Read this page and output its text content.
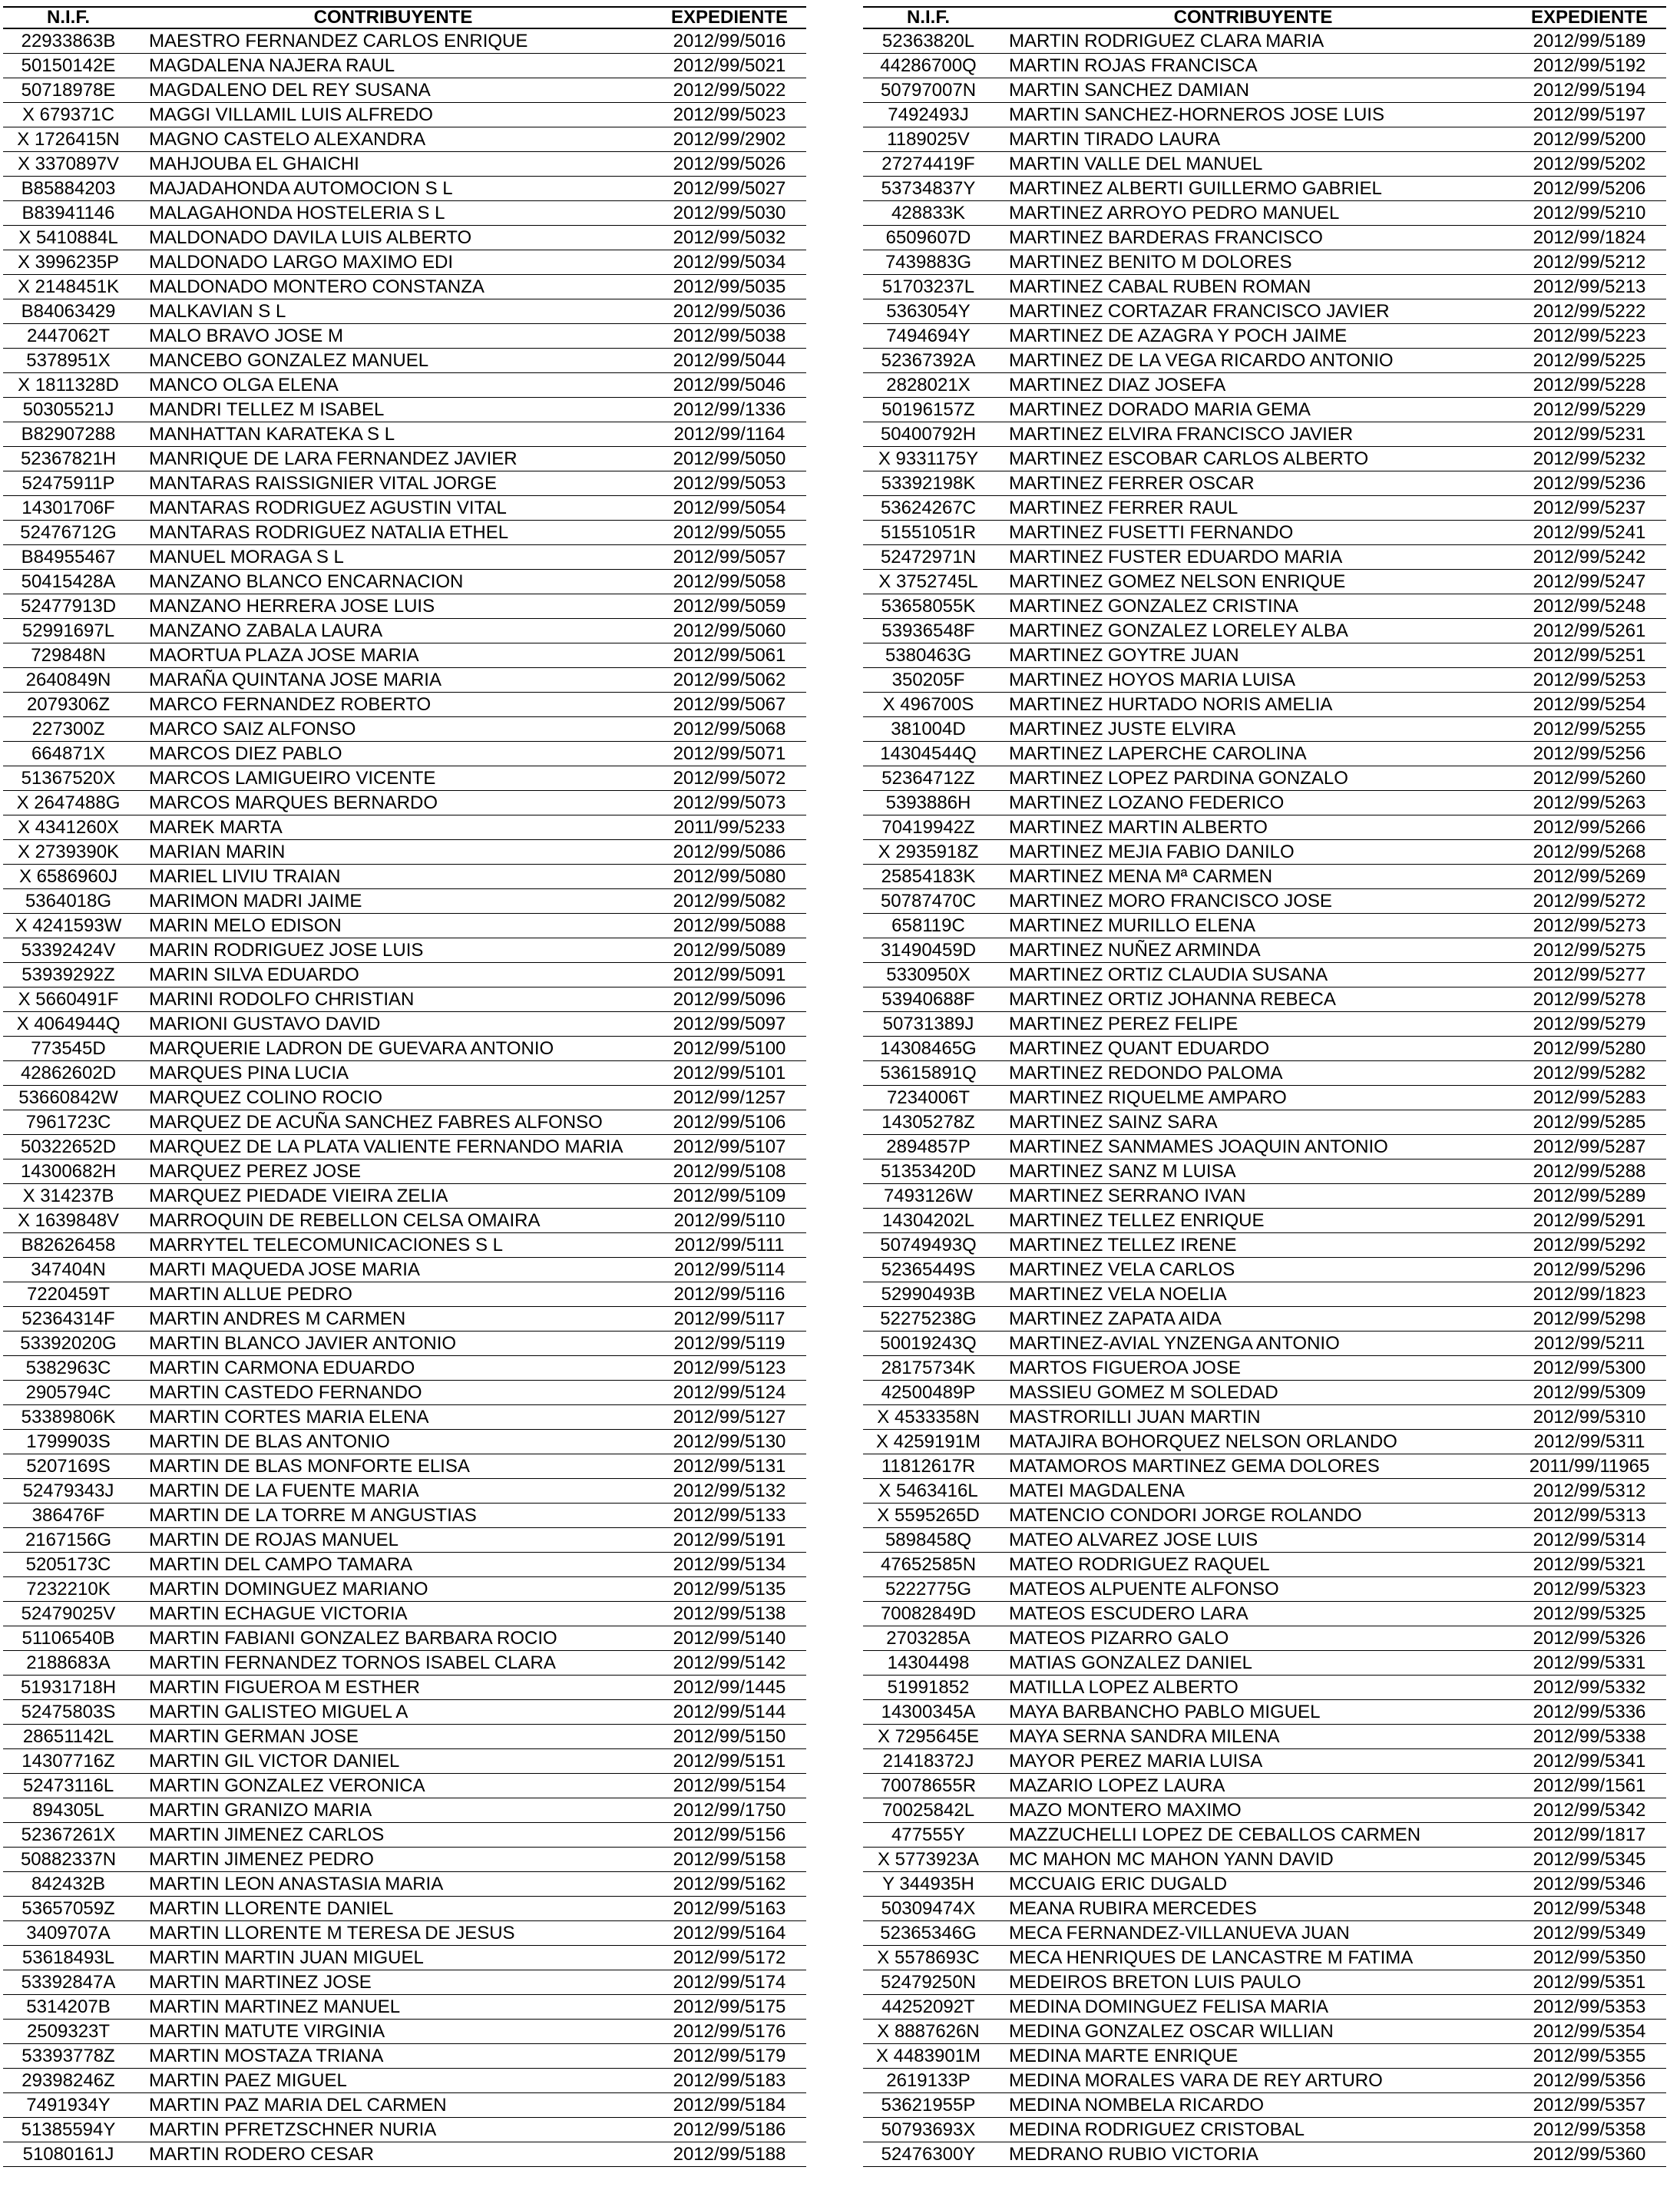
N.I.F.	CONTRIBUYENTE	EXPEDIENTE
22933863B	MAESTRO FERNANDEZ CARLOS ENRIQUE	2012/99/5016
50150142E	MAGDALENA NAJERA RAUL	2012/99/5021
50718978E	MAGDALENO DEL REY SUSANA	2012/99/5022
X 679371C	MAGGI VILLAMIL LUIS ALFREDO	2012/99/5023
X 1726415N	MAGNO CASTELO ALEXANDRA	2012/99/2902
X 3370897V	MAHJOUBA EL GHAICHI	2012/99/5026
B85884203	MAJADAHONDA AUTOMOCION S L	2012/99/5027
B83941146	MALAGAHONDA HOSTELERIA S L	2012/99/5030
X 5410884L	MALDONADO DAVILA LUIS ALBERTO	2012/99/5032
X 3996235P	MALDONADO LARGO MAXIMO EDI	2012/99/5034
X 2148451K	MALDONADO MONTERO CONSTANZA	2012/99/5035
B84063429	MALKAVIAN S L	2012/99/5036
2447062T	MALO BRAVO JOSE M	2012/99/5038
5378951X	MANCEBO GONZALEZ MANUEL	2012/99/5044
X 1811328D	MANCO OLGA ELENA	2012/99/5046
50305521J	MANDRI TELLEZ M ISABEL	2012/99/1336
B82907288	MANHATTAN KARATEKA S L	2012/99/1164
52367821H	MANRIQUE DE LARA FERNANDEZ JAVIER	2012/99/5050
52475911P	MANTARAS RAISSIGNIER VITAL JORGE	2012/99/5053
14301706F	MANTARAS RODRIGUEZ AGUSTIN VITAL	2012/99/5054
52476712G	MANTARAS RODRIGUEZ NATALIA ETHEL	2012/99/5055
B84955467	MANUEL MORAGA S L	2012/99/5057
50415428A	MANZANO BLANCO ENCARNACION	2012/99/5058
52477913D	MANZANO HERRERA JOSE LUIS	2012/99/5059
52991697L	MANZANO ZABALA LAURA	2012/99/5060
729848N	MAORTUA PLAZA JOSE MARIA	2012/99/5061
2640849N	MARAÑA QUINTANA JOSE MARIA	2012/99/5062
2079306Z	MARCO FERNANDEZ ROBERTO	2012/99/5067
227300Z	MARCO SAIZ ALFONSO	2012/99/5068
664871X	MARCOS DIEZ PABLO	2012/99/5071
51367520X	MARCOS LAMIGUEIRO VICENTE	2012/99/5072
X 2647488G	MARCOS MARQUES BERNARDO	2012/99/5073
X 4341260X	MAREK MARTA	2011/99/5233
X 2739390K	MARIAN MARIN	2012/99/5086
X 6586960J	MARIEL LIVIU TRAIAN	2012/99/5080
5364018G	MARIMON MADRI JAIME	2012/99/5082
X 4241593W	MARIN MELO EDISON	2012/99/5088
53392424V	MARIN RODRIGUEZ JOSE LUIS	2012/99/5089
53939292Z	MARIN SILVA EDUARDO	2012/99/5091
X 5660491F	MARINI RODOLFO CHRISTIAN	2012/99/5096
X 4064944Q	MARIONI GUSTAVO DAVID	2012/99/5097
773545D	MARQUERIE LADRON DE GUEVARA ANTONIO	2012/99/5100
42862602D	MARQUES PINA LUCIA	2012/99/5101
53660842W	MARQUEZ COLINO ROCIO	2012/99/1257
7961723C	MARQUEZ DE ACUÑA SANCHEZ FABRES ALFONSO	2012/99/5106
50322652D	MARQUEZ DE LA PLATA VALIENTE FERNANDO MARIA	2012/99/5107
14300682H	MARQUEZ PEREZ JOSE	2012/99/5108
X 314237B	MARQUEZ PIEDADE VIEIRA ZELIA	2012/99/5109
X 1639848V	MARROQUIN DE REBELLON CELSA OMAIRA	2012/99/5110
B82626458	MARRYTEL TELECOMUNICACIONES S L	2012/99/5111
347404N	MARTI MAQUEDA JOSE MARIA	2012/99/5114
7220459T	MARTIN ALLUE PEDRO	2012/99/5116
52364314F	MARTIN ANDRES M CARMEN	2012/99/5117
53392020G	MARTIN BLANCO JAVIER ANTONIO	2012/99/5119
5382963C	MARTIN CARMONA EDUARDO	2012/99/5123
2905794C	MARTIN CASTEDO FERNANDO	2012/99/5124
53389806K	MARTIN CORTES MARIA ELENA	2012/99/5127
1799903S	MARTIN DE BLAS ANTONIO	2012/99/5130
5207169S	MARTIN DE BLAS MONFORTE ELISA	2012/99/5131
52479343J	MARTIN DE LA FUENTE MARIA	2012/99/5132
386476F	MARTIN DE LA TORRE M ANGUSTIAS	2012/99/5133
2167156G	MARTIN DE ROJAS MANUEL	2012/99/5191
5205173C	MARTIN DEL CAMPO TAMARA	2012/99/5134
7232210K	MARTIN DOMINGUEZ MARIANO	2012/99/5135
52479025V	MARTIN ECHAGUE VICTORIA	2012/99/5138
51106540B	MARTIN FABIANI GONZALEZ BARBARA ROCIO	2012/99/5140
2188683A	MARTIN FERNANDEZ TORNOS ISABEL CLARA	2012/99/5142
51931718H	MARTIN FIGUEROA M ESTHER	2012/99/1445
52475803S	MARTIN GALISTEO MIGUEL A	2012/99/5144
28651142L	MARTIN GERMAN JOSE	2012/99/5150
14307716Z	MARTIN GIL VICTOR DANIEL	2012/99/5151
52473116L	MARTIN GONZALEZ VERONICA	2012/99/5154
894305L	MARTIN GRANIZO MARIA	2012/99/1750
52367261X	MARTIN JIMENEZ CARLOS	2012/99/5156
50882337N	MARTIN JIMENEZ PEDRO	2012/99/5158
842432B	MARTIN LEON ANASTASIA MARIA	2012/99/5162
53657059Z	MARTIN LLORENTE DANIEL	2012/99/5163
3409707A	MARTIN LLORENTE M TERESA DE JESUS	2012/99/5164
53618493L	MARTIN MARTIN JUAN MIGUEL	2012/99/5172
53392847A	MARTIN MARTINEZ JOSE	2012/99/5174
5314207B	MARTIN MARTINEZ MANUEL	2012/99/5175
2509323T	MARTIN MATUTE VIRGINIA	2012/99/5176
53393778Z	MARTIN MOSTAZA TRIANA	2012/99/5179
29398246Z	MARTIN PAEZ MIGUEL	2012/99/5183
7491934Y	MARTIN PAZ MARIA DEL CARMEN	2012/99/5184
51385594Y	MARTIN PFRETZSCHNER NURIA	2012/99/5186
51080161J	MARTIN RODERO CESAR	2012/99/5188
N.I.F.	CONTRIBUYENTE	EXPEDIENTE
52363820L	MARTIN RODRIGUEZ CLARA MARIA	2012/99/5189
44286700Q	MARTIN ROJAS FRANCISCA	2012/99/5192
50797007N	MARTIN SANCHEZ DAMIAN	2012/99/5194
7492493J	MARTIN SANCHEZ-HORNEROS JOSE LUIS	2012/99/5197
1189025V	MARTIN TIRADO LAURA	2012/99/5200
27274419F	MARTIN VALLE DEL MANUEL	2012/99/5202
53734837Y	MARTINEZ ALBERTI GUILLERMO GABRIEL	2012/99/5206
428833K	MARTINEZ ARROYO PEDRO MANUEL	2012/99/5210
6509607D	MARTINEZ BARDERAS FRANCISCO	2012/99/1824
7439883G	MARTINEZ BENITO M DOLORES	2012/99/5212
51703237L	MARTINEZ CABAL RUBEN ROMAN	2012/99/5213
5363054Y	MARTINEZ CORTAZAR FRANCISCO JAVIER	2012/99/5222
7494694Y	MARTINEZ DE AZAGRA Y POCH JAIME	2012/99/5223
52367392A	MARTINEZ DE LA VEGA RICARDO ANTONIO	2012/99/5225
2828021X	MARTINEZ DIAZ JOSEFA	2012/99/5228
50196157Z	MARTINEZ DORADO MARIA GEMA	2012/99/5229
50400792H	MARTINEZ ELVIRA FRANCISCO JAVIER	2012/99/5231
X 9331175Y	MARTINEZ ESCOBAR CARLOS ALBERTO	2012/99/5232
53392198K	MARTINEZ FERRER OSCAR	2012/99/5236
53624267C	MARTINEZ FERRER RAUL	2012/99/5237
51551051R	MARTINEZ FUSETTI FERNANDO	2012/99/5241
52472971N	MARTINEZ FUSTER EDUARDO MARIA	2012/99/5242
X 3752745L	MARTINEZ GOMEZ NELSON ENRIQUE	2012/99/5247
53658055K	MARTINEZ GONZALEZ CRISTINA	2012/99/5248
53936548F	MARTINEZ GONZALEZ LORELEY ALBA	2012/99/5261
5380463G	MARTINEZ GOYTRE JUAN	2012/99/5251
350205F	MARTINEZ HOYOS MARIA LUISA	2012/99/5253
X 496700S	MARTINEZ HURTADO NORIS AMELIA	2012/99/5254
381004D	MARTINEZ JUSTE ELVIRA	2012/99/5255
14304544Q	MARTINEZ LAPERCHE CAROLINA	2012/99/5256
52364712Z	MARTINEZ LOPEZ PARDINA GONZALO	2012/99/5260
5393886H	MARTINEZ LOZANO FEDERICO	2012/99/5263
70419942Z	MARTINEZ MARTIN ALBERTO	2012/99/5266
X 2935918Z	MARTINEZ MEJIA FABIO DANILO	2012/99/5268
25854183K	MARTINEZ MENA Mª CARMEN	2012/99/5269
50787470C	MARTINEZ MORO FRANCISCO JOSE	2012/99/5272
658119C	MARTINEZ MURILLO ELENA	2012/99/5273
31490459D	MARTINEZ NUÑEZ ARMINDA	2012/99/5275
5330950X	MARTINEZ ORTIZ CLAUDIA SUSANA	2012/99/5277
53940688F	MARTINEZ ORTIZ JOHANNA REBECA	2012/99/5278
50731389J	MARTINEZ PEREZ FELIPE	2012/99/5279
14308465G	MARTINEZ QUANT EDUARDO	2012/99/5280
53615891Q	MARTINEZ REDONDO PALOMA	2012/99/5282
7234006T	MARTINEZ RIQUELME AMPARO	2012/99/5283
14305278Z	MARTINEZ SAINZ SARA	2012/99/5285
2894857P	MARTINEZ SANMAMES JOAQUIN ANTONIO	2012/99/5287
51353420D	MARTINEZ SANZ M LUISA	2012/99/5288
7493126W	MARTINEZ SERRANO IVAN	2012/99/5289
14304202L	MARTINEZ TELLEZ ENRIQUE	2012/99/5291
50749493Q	MARTINEZ TELLEZ IRENE	2012/99/5292
52365449S	MARTINEZ VELA CARLOS	2012/99/5296
52990493B	MARTINEZ VELA NOELIA	2012/99/1823
52275238G	MARTINEZ ZAPATA AIDA	2012/99/5298
50019243Q	MARTINEZ-AVIAL YNZENGA ANTONIO	2012/99/5211
28175734K	MARTOS FIGUEROA JOSE	2012/99/5300
42500489P	MASSIEU GOMEZ M SOLEDAD	2012/99/5309
X 4533358N	MASTRORILLI JUAN MARTIN	2012/99/5310
X 4259191M	MATAJIRA BOHORQUEZ NELSON ORLANDO	2012/99/5311
11812617R	MATAMOROS MARTINEZ GEMA DOLORES	2011/99/11965
X 5463416L	MATEI MAGDALENA	2012/99/5312
X 5595265D	MATENCIO CONDORI JORGE ROLANDO	2012/99/5313
5898458Q	MATEO ALVAREZ JOSE LUIS	2012/99/5314
47652585N	MATEO RODRIGUEZ RAQUEL	2012/99/5321
5222775G	MATEOS ALPUENTE ALFONSO	2012/99/5323
70082849D	MATEOS ESCUDERO LARA	2012/99/5325
2703285A	MATEOS PIZARRO GALO	2012/99/5326
14304498	MATIAS GONZALEZ DANIEL	2012/99/5331
51991852	MATILLA LOPEZ ALBERTO	2012/99/5332
14300345A	MAYA BARBANCHO PABLO MIGUEL	2012/99/5336
X 7295645E	MAYA SERNA SANDRA MILENA	2012/99/5338
21418372J	MAYOR PEREZ MARIA LUISA	2012/99/5341
70078655R	MAZARIO LOPEZ LAURA	2012/99/1561
70025842L	MAZO MONTERO MAXIMO	2012/99/5342
477555Y	MAZZUCHELLI LOPEZ DE CEBALLOS CARMEN	2012/99/1817
X 5773923A	MC MAHON MC MAHON YANN DAVID	2012/99/5345
Y 344935H	MCCUAIG ERIC DUGALD	2012/99/5346
50309474X	MEANA RUBIRA MERCEDES	2012/99/5348
52365346G	MECA FERNANDEZ-VILLANUEVA JUAN	2012/99/5349
X 5578693C	MECA HENRIQUES DE LANCASTRE M FATIMA	2012/99/5350
52479250N	MEDEIROS BRETON LUIS PAULO	2012/99/5351
44252092T	MEDINA DOMINGUEZ FELISA MARIA	2012/99/5353
X 8887626N	MEDINA GONZALEZ OSCAR WILLIAN	2012/99/5354
X 4483901M	MEDINA MARTE ENRIQUE	2012/99/5355
2619133P	MEDINA MORALES VARA DE REY ARTURO	2012/99/5356
53621955P	MEDINA NOMBELA RICARDO	2012/99/5357
50793693X	MEDINA RODRIGUEZ CRISTOBAL	2012/99/5358
52476300Y	MEDRANO RUBIO VICTORIA	2012/99/5360
